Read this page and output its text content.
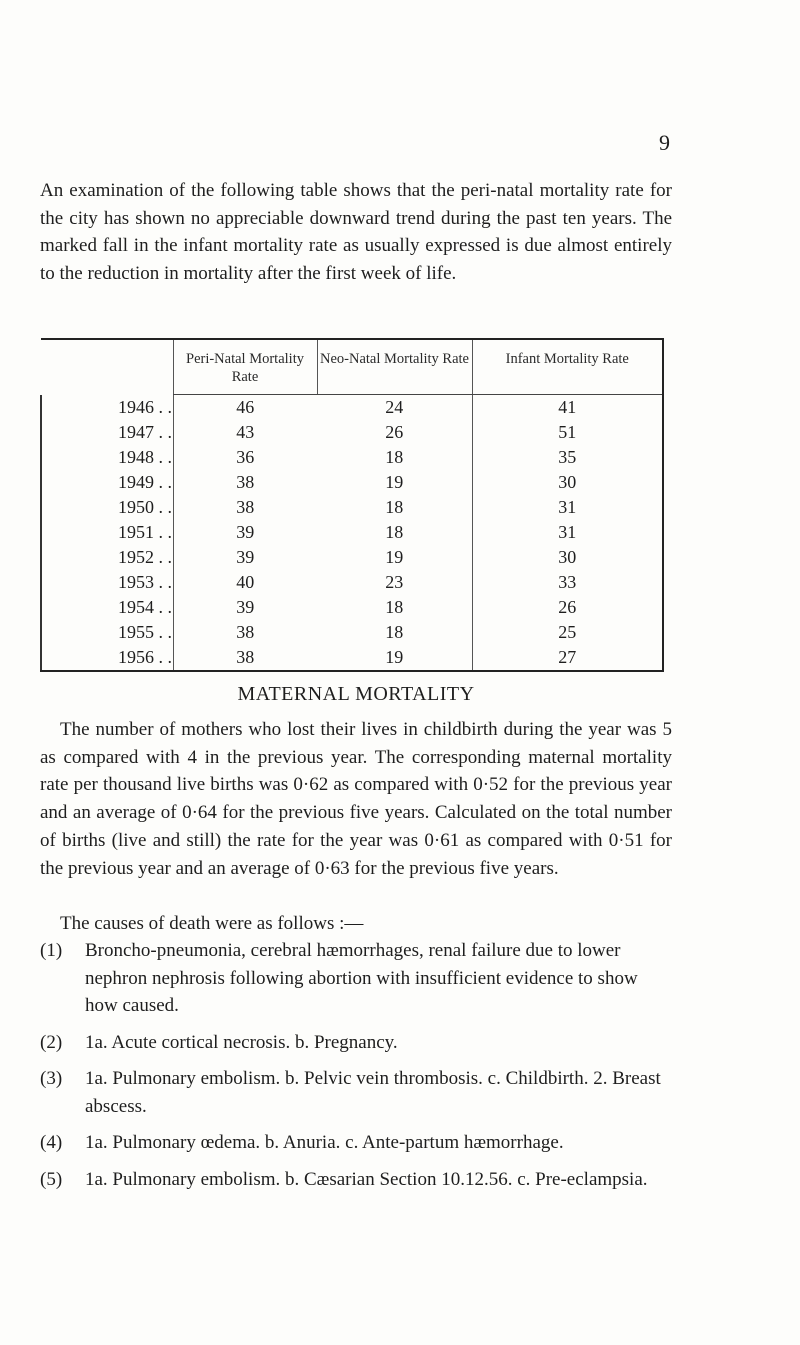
9

An examination of the following table shows that the peri-natal mortality rate for the city has shown no appreciable downward trend during the past ten years. The marked fall in the infant mortality rate as usually expressed is due almost entirely to the reduction in mortality after the first week of life.

	Peri-Natal Mortality Rate	Neo-Natal Mortality Rate	Infant Mortality Rate
1946 . .	46	24	41
1947 . .	43	26	51
1948 . .	36	18	35
1949 . .	38	19	30
1950 . .	38	18	31
1951 . .	39	18	31
1952 . .	39	19	30
1953 . .	40	23	33
1954 . .	39	18	26
1955 . .	38	18	25
1956 . .	38	19	27
MATERNAL MORTALITY

The number of mothers who lost their lives in childbirth during the year was 5 as compared with 4 in the previous year. The corresponding maternal mortality rate per thousand live births was 0·62 as compared with 0·52 for the previous year and an average of 0·64 for the previous five years. Calculated on the total number of births (live and still) the rate for the year was 0·61 as compared with 0·51 for the previous year and an average of 0·63 for the previous five years.

The causes of death were as follows :—

(1)	Broncho-pneumonia, cerebral hæmorrhages, renal failure due to lower nephron nephrosis following abortion with insufficient evidence to show how caused.
(2)	1a. Acute cortical necrosis. b. Pregnancy.
(3)	1a. Pulmonary embolism. b. Pelvic vein thrombosis. c. Childbirth. 2. Breast abscess.
(4)	1a. Pulmonary œdema. b. Anuria. c. Ante-partum hæmorrhage.
(5)	1a. Pulmonary embolism. b. Cæsarian Section 10.12.56. c. Pre-eclampsia.
